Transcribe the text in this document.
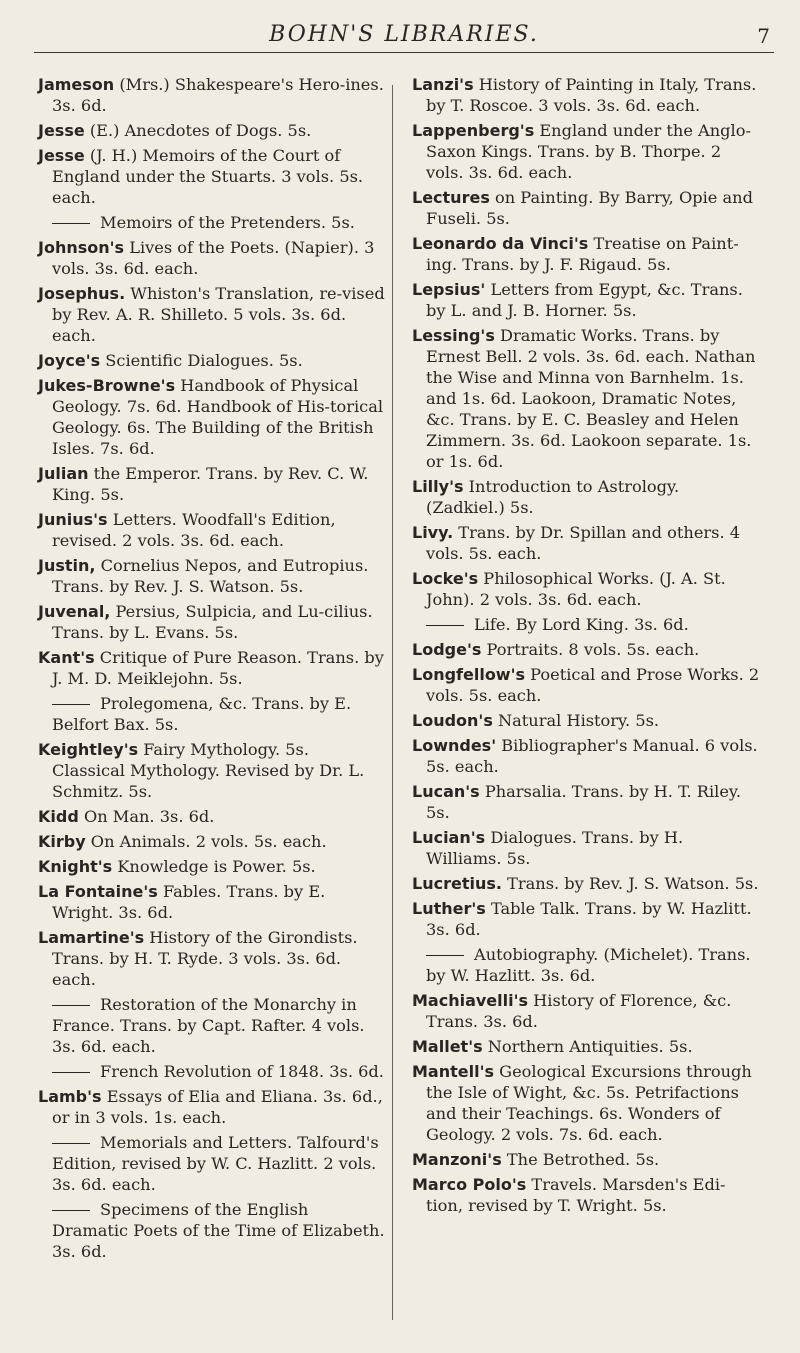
BOHN'S LIBRARIES.	7
Jameson (Mrs.) Shakespeare's Hero-ines. 3s. 6d.
Jesse (E.) Anecdotes of Dogs. 5s.
Jesse (J. H.) Memoirs of the Court of England under the Stuarts. 3 vols. 5s. each.
Memoirs of the Pretenders. 5s.
Johnson's Lives of the Poets. (Napier). 3 vols. 3s. 6d. each.
Josephus. Whiston's Translation, re-vised by Rev. A. R. Shilleto. 5 vols. 3s. 6d. each.
Joyce's Scientific Dialogues. 5s.
Jukes-Browne's Handbook of Physical Geology. 7s. 6d. Handbook of His-torical Geology. 6s. The Building of the British Isles. 7s. 6d.
Julian the Emperor. Trans. by Rev. C. W. King. 5s.
Junius's Letters. Woodfall's Edition, revised. 2 vols. 3s. 6d. each.
Justin, Cornelius Nepos, and Eutropius. Trans. by Rev. J. S. Watson. 5s.
Juvenal, Persius, Sulpicia, and Lu-cilius. Trans. by L. Evans. 5s.
Kant's Critique of Pure Reason. Trans. by J. M. D. Meiklejohn. 5s.
Prolegomena, &c. Trans. by E. Belfort Bax. 5s.
Keightley's Fairy Mythology. 5s. Classical Mythology. Revised by Dr. L. Schmitz. 5s.
Kidd On Man. 3s. 6d.
Kirby On Animals. 2 vols. 5s. each.
Knight's Knowledge is Power. 5s.
La Fontaine's Fables. Trans. by E. Wright. 3s. 6d.
Lamartine's History of the Girondists. Trans. by H. T. Ryde. 3 vols. 3s. 6d. each.
Restoration of the Monarchy in France. Trans. by Capt. Rafter. 4 vols. 3s. 6d. each.
French Revolution of 1848. 3s. 6d.
Lamb's Essays of Elia and Eliana. 3s. 6d., or in 3 vols. 1s. each.
Memorials and Letters. Talfourd's Edition, revised by W. C. Hazlitt. 2 vols. 3s. 6d. each.
Specimens of the English Dramatic Poets of the Time of Elizabeth. 3s. 6d.
Lanzi's History of Painting in Italy, Trans. by T. Roscoe. 3 vols. 3s. 6d. each.
Lappenberg's England under the Anglo-Saxon Kings. Trans. by B. Thorpe. 2 vols. 3s. 6d. each.
Lectures on Painting. By Barry, Opie and Fuseli. 5s.
Leonardo da Vinci's Treatise on Paint-ing. Trans. by J. F. Rigaud. 5s.
Lepsius' Letters from Egypt, &c. Trans. by L. and J. B. Horner. 5s.
Lessing's Dramatic Works. Trans. by Ernest Bell. 2 vols. 3s. 6d. each. Nathan the Wise and Minna von Barnhelm. 1s. and 1s. 6d. Laokoon, Dramatic Notes, &c. Trans. by E. C. Beasley and Helen Zimmern. 3s. 6d. Laokoon separate. 1s. or 1s. 6d.
Lilly's Introduction to Astrology. (Zadkiel.) 5s.
Livy. Trans. by Dr. Spillan and others. 4 vols. 5s. each.
Locke's Philosophical Works. (J. A. St. John). 2 vols. 3s. 6d. each.
Life. By Lord King. 3s. 6d.
Lodge's Portraits. 8 vols. 5s. each.
Longfellow's Poetical and Prose Works. 2 vols. 5s. each.
Loudon's Natural History. 5s.
Lowndes' Bibliographer's Manual. 6 vols. 5s. each.
Lucan's Pharsalia. Trans. by H. T. Riley. 5s.
Lucian's Dialogues. Trans. by H. Williams. 5s.
Lucretius. Trans. by Rev. J. S. Watson. 5s.
Luther's Table Talk. Trans. by W. Hazlitt. 3s. 6d.
Autobiography. (Michelet). Trans. by W. Hazlitt. 3s. 6d.
Machiavelli's History of Florence, &c. Trans. 3s. 6d.
Mallet's Northern Antiquities. 5s.
Mantell's Geological Excursions through the Isle of Wight, &c. 5s. Petrifactions and their Teachings. 6s. Wonders of Geology. 2 vols. 7s. 6d. each.
Manzoni's The Betrothed. 5s.
Marco Polo's Travels. Marsden's Edi-tion, revised by T. Wright. 5s.
